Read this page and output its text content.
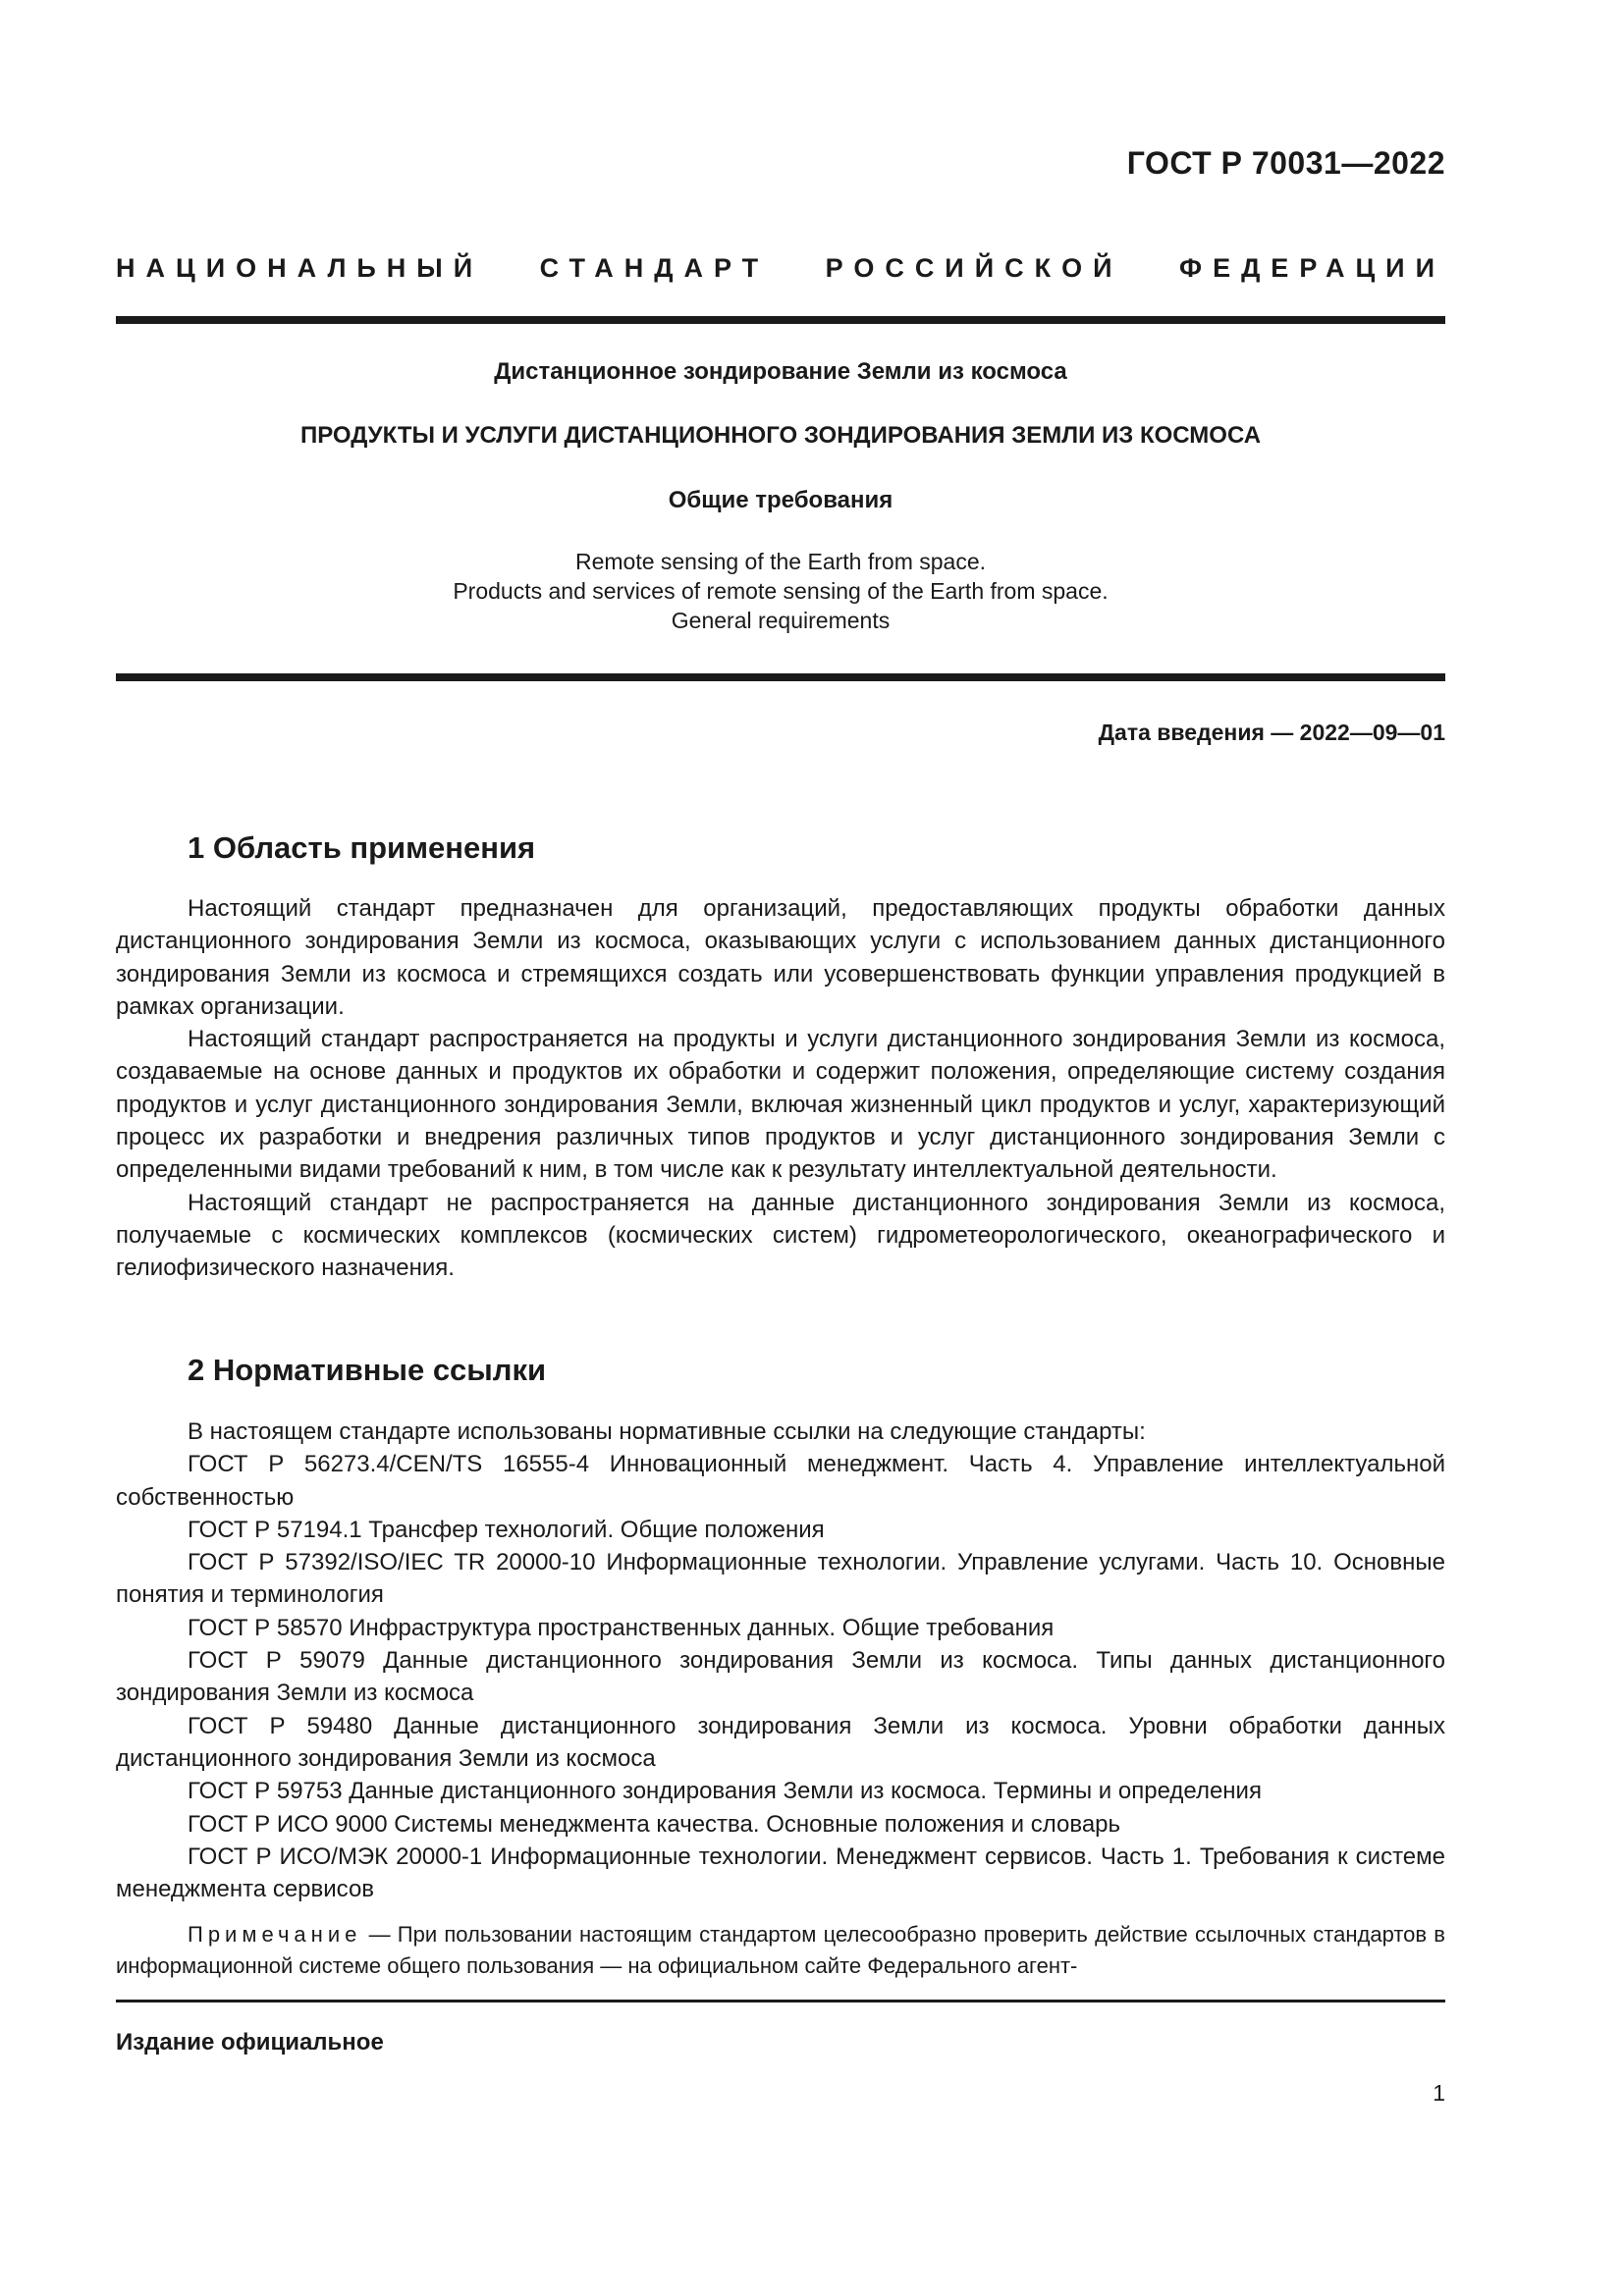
ГОСТ Р 70031—2022
НАЦИОНАЛЬНЫЙ СТАНДАРТ РОССИЙСКОЙ ФЕДЕРАЦИИ
Дистанционное зондирование Земли из космоса
ПРОДУКТЫ И УСЛУГИ ДИСТАНЦИОННОГО ЗОНДИРОВАНИЯ ЗЕМЛИ ИЗ КОСМОСА
Общие требования
Remote sensing of the Earth from space.
Products and services of remote sensing of the Earth from space.
General requirements
Дата введения — 2022—09—01
1 Область применения

Настоящий стандарт предназначен для организаций, предоставляющих продукты обработки данных дистанционного зондирования Земли из космоса, оказывающих услуги с использованием данных дистанционного зондирования Земли из космоса и стремящихся создать или усовершенствовать функции управления продукцией в рамках организации.

Настоящий стандарт распространяется на продукты и услуги дистанционного зондирования Земли из космоса, создаваемые на основе данных и продуктов их обработки и содержит положения, определяющие систему создания продуктов и услуг дистанционного зондирования Земли, включая жизненный цикл продуктов и услуг, характеризующий процесс их разработки и внедрения различных типов продуктов и услуг дистанционного зондирования Земли с определенными видами требований к ним, в том числе как к результату интеллектуальной деятельности.

Настоящий стандарт не распространяется на данные дистанционного зондирования Земли из космоса, получаемые с космических комплексов (космических систем) гидрометеорологического, океанографического и гелиофизического назначения.

2 Нормативные ссылки

В настоящем стандарте использованы нормативные ссылки на следующие стандарты:

ГОСТ Р 56273.4/CEN/TS 16555-4 Инновационный менеджмент. Часть 4. Управление интеллектуальной собственностью

ГОСТ Р 57194.1 Трансфер технологий. Общие положения

ГОСТ Р 57392/ISO/IEC TR 20000-10 Информационные технологии. Управление услугами. Часть 10. Основные понятия и терминология

ГОСТ Р 58570 Инфраструктура пространственных данных. Общие требования

ГОСТ Р 59079 Данные дистанционного зондирования Земли из космоса. Типы данных дистанционного зондирования Земли из космоса

ГОСТ Р 59480 Данные дистанционного зондирования Земли из космоса. Уровни обработки данных дистанционного зондирования Земли из космоса

ГОСТ Р 59753 Данные дистанционного зондирования Земли из космоса. Термины и определения

ГОСТ Р ИСО 9000 Системы менеджмента качества. Основные положения и словарь

ГОСТ Р ИСО/МЭК 20000-1 Информационные технологии. Менеджмент сервисов. Часть 1. Требования к системе менеджмента сервисов

Примечание — При пользовании настоящим стандартом целесообразно проверить действие ссылочных стандартов в информационной системе общего пользования — на официальном сайте Федерального агент-
Издание официальное
1
